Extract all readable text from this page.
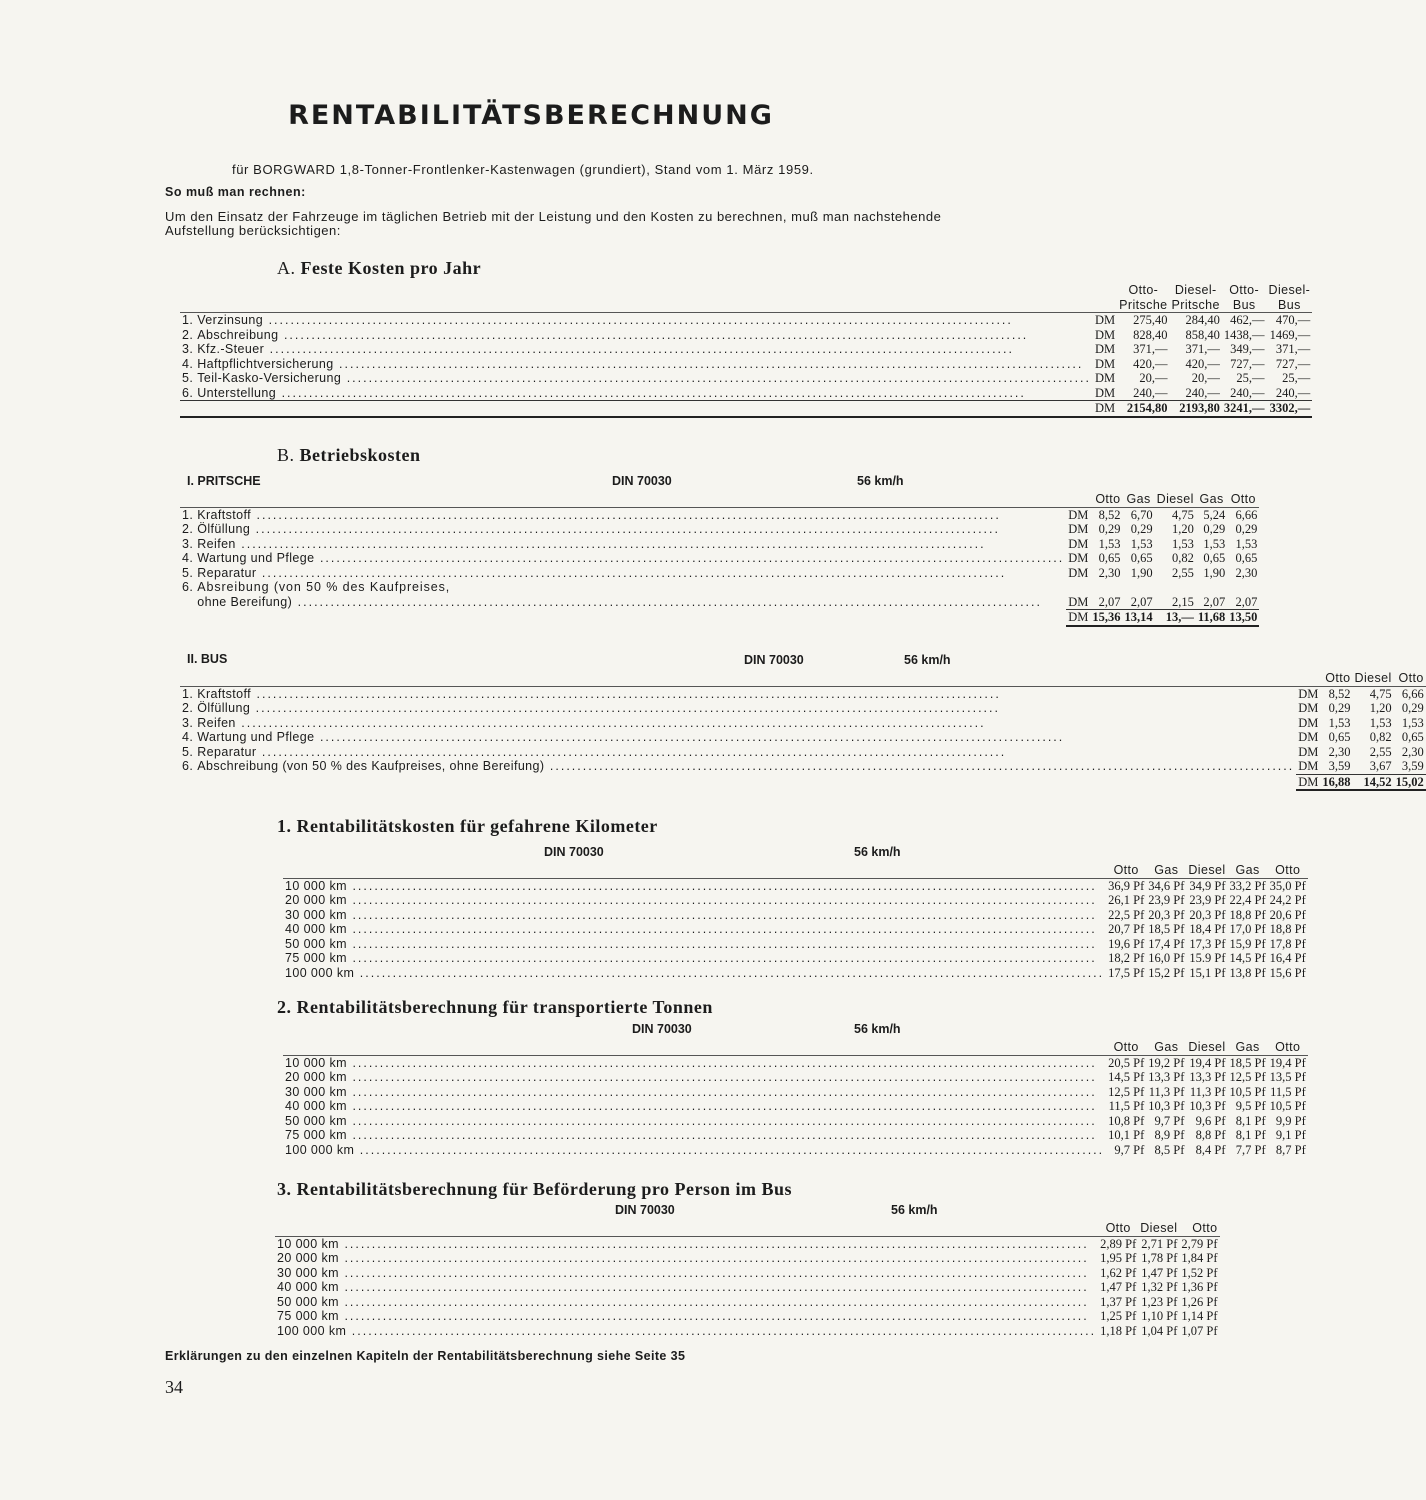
RENTABILITÄTSBERECHNUNG
für BORGWARD 1,8-Tonner-Frontlenker-Kastenwagen (grundiert), Stand vom 1. März 1959.
So muß man rechnen:
Um den Einsatz der Fahrzeuge im täglichen Betrieb mit der Leistung und den Kosten zu berechnen, muß man nachstehende Aufstellung berücksichtigen:
A. Feste Kosten pro Jahr
			Otto-	Diesel-	Otto-	Diesel-
			Pritsche	Pritsche	Bus	Bus
1.	Verzinsung .....	DM	275,40	284,40	462,—	470,—
2.	Abschreibung .....	DM	828,40	858,40	1438,—	1469,—
3.	Kfz.-Steuer .....	DM	371,—	371,—	349,—	371,—
4.	Haftpflichtversicherung .....	DM	420,—	420,—	727,—	727,—
5.	Teil-Kasko-Versicherung .....	DM	20,—	20,—	25,—	25,—
6.	Unterstellung .....	DM	240,—	240,—	240,—	240,—
		DM	2154,80	2193,80	3241,—	3302,—
B. Betriebskosten
I. PRITSCHE	DIN 70030	56 km/h
			Otto	Gas	Diesel	Gas	Otto
1.	Kraftstoff .....	DM	8,52	6,70	4,75	5,24	6,66
2.	Ölfüllung .....	DM	0,29	0,29	1,20	0,29	0,29
3.	Reifen .....	DM	1,53	1,53	1,53	1,53	1,53
4.	Wartung und Pflege .....	DM	0,65	0,65	0,82	0,65	0,65
5.	Reparatur .....	DM	2,30	1,90	2,55	1,90	2,30
6.	Absreibung (von 50 % des Kaufpreises,						
	ohne Bereifung) .....	DM	2,07	2,07	2,15	2,07	2,07
		DM	15,36	13,14	13,—	11,68	13,50
II. BUS	DIN 70030	56 km/h
			Otto	Diesel	Otto
1.	Kraftstoff .....	DM	8,52	4,75	6,66
2.	Ölfüllung .....	DM	0,29	1,20	0,29
3.	Reifen .....	DM	1,53	1,53	1,53
4.	Wartung und Pflege .....	DM	0,65	0,82	0,65
5.	Reparatur .....	DM	2,30	2,55	2,30
6.	Abschreibung (von 50 % des Kaufpreises, ohne Bereifung) .....	DM	3,59	3,67	3,59
		DM	16,88	14,52	15,02
1. Rentabilitätskosten für gefahrene Kilometer
DIN 70030	56 km/h
	Otto	Gas	Diesel	Gas	Otto
10 000 km .....	36,9 Pf	34,6 Pf	34,9 Pf	33,2 Pf	35,0 Pf
20 000 km .....	26,1 Pf	23,9 Pf	23,9 Pf	22,4 Pf	24,2 Pf
30 000 km .....	22,5 Pf	20,3 Pf	20,3 Pf	18,8 Pf	20,6 Pf
40 000 km .....	20,7 Pf	18,5 Pf	18,4 Pf	17,0 Pf	18,8 Pf
50 000 km .....	19,6 Pf	17,4 Pf	17,3 Pf	15,9 Pf	17,8 Pf
75 000 km .....	18,2 Pf	16,0 Pf	15.9 Pf	14,5 Pf	16,4 Pf
100 000 km .....	17,5 Pf	15,2 Pf	15,1 Pf	13,8 Pf	15,6 Pf
2. Rentabilitätsberechnung für transportierte Tonnen
DIN 70030	56 km/h
	Otto	Gas	Diesel	Gas	Otto
10 000 km .....	20,5 Pf	19,2 Pf	19,4 Pf	18,5 Pf	19,4 Pf
20 000 km .....	14,5 Pf	13,3 Pf	13,3 Pf	12,5 Pf	13,5 Pf
30 000 km .....	12,5 Pf	11,3 Pf	11,3 Pf	10,5 Pf	11,5 Pf
40 000 km .....	11,5 Pf	10,3 Pf	10,3 Pf	9,5 Pf	10,5 Pf
50 000 km .....	10,8 Pf	9,7 Pf	9,6 Pf	8,1 Pf	9,9 Pf
75 000 km .....	10,1 Pf	8,9 Pf	8,8 Pf	8,1 Pf	9,1 Pf
100 000 km .....	9,7 Pf	8,5 Pf	8,4 Pf	7,7 Pf	8,7 Pf
3. Rentabilitätsberechnung für Beförderung pro Person im Bus
DIN 70030	56 km/h
	Otto	Diesel	Otto
10 000 km .....	2,89 Pf	2,71 Pf	2,79 Pf
20 000 km .....	1,95 Pf	1,78 Pf	1,84 Pf
30 000 km .....	1,62 Pf	1,47 Pf	1,52 Pf
40 000 km .....	1,47 Pf	1,32 Pf	1,36 Pf
50 000 km .....	1,37 Pf	1,23 Pf	1,26 Pf
75 000 km .....	1,25 Pf	1,10 Pf	1,14 Pf
100 000 km .....	1,18 Pf	1,04 Pf	1,07 Pf
Erklärungen zu den einzelnen Kapiteln der Rentabilitätsberechnung siehe Seite 35
34
